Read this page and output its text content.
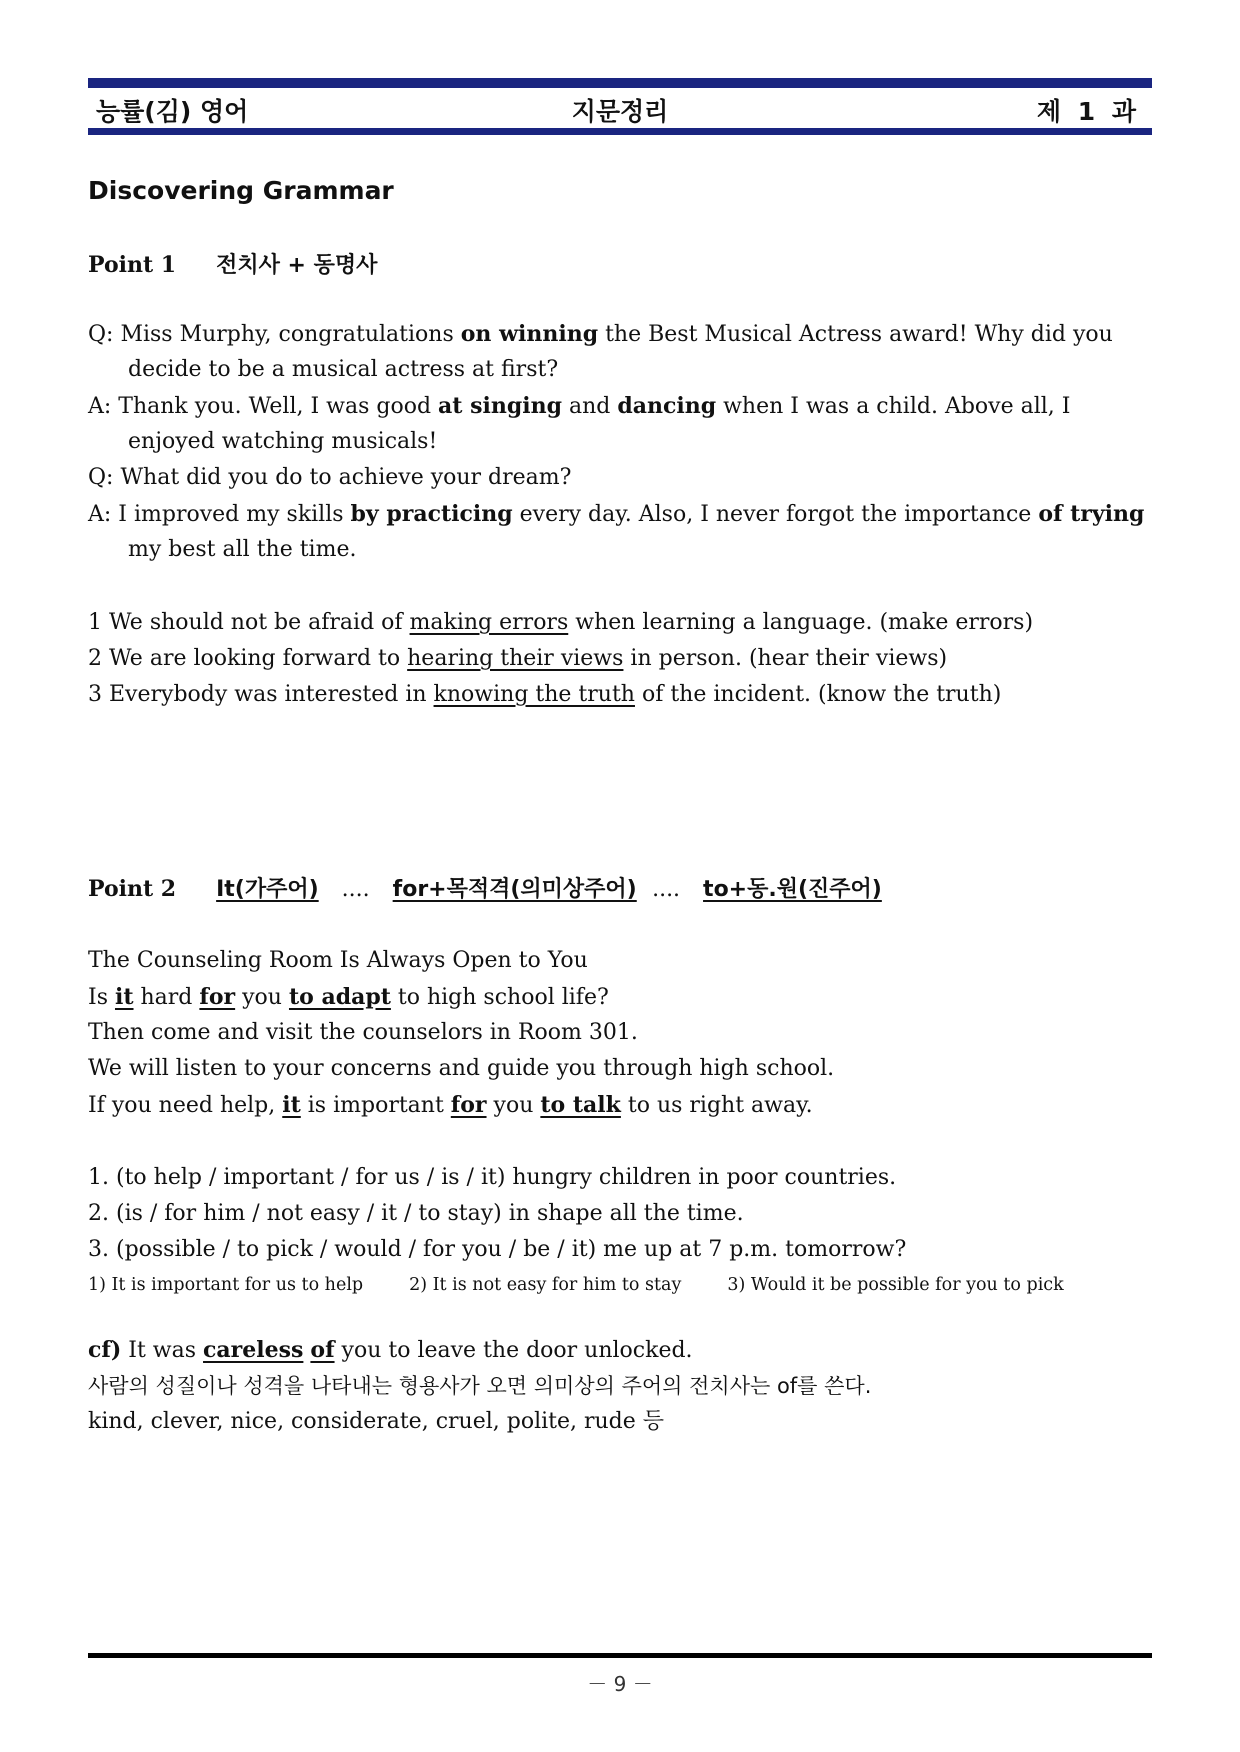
능률(김) 영어	지문정리	제 1 과
Discovering Grammar
Point 1 전치사 + 동명사
Q: Miss Murphy, congratulations on winning the Best Musical Actress award! Why did you
decide to be a musical actress at first?
A: Thank you. Well, I was good at singing and dancing when I was a child. Above all, I
enjoyed watching musicals!
Q: What did you do to achieve your dream?
A: I improved my skills by practicing every day. Also, I never forgot the importance of trying
my best all the time.
1 We should not be afraid of making errors when learning a language. (make errors)
2 We are looking forward to hearing their views in person. (hear their views)
3 Everybody was interested in knowing the truth of the incident. (know the truth)
Point 2 It(가주어) .... for+목적격(의미상주어) .... to+동.원(진주어)
The Counseling Room Is Always Open to You
Is it hard for you to adapt to high school life?
Then come and visit the counselors in Room 301.
We will listen to your concerns and guide you through high school.
If you need help, it is important for you to talk to us right away.
1. (to help / important / for us / is / it) hungry children in poor countries.
2. (is / for him / not easy / it / to stay) in shape all the time.
3. (possible / to pick / would / for you / be / it) me up at 7 p.m. tomorrow?
1) It is important for us to help	2) It is not easy for him to stay	3) Would it be possible for you to pick
cf) It was careless of you to leave the door unlocked.
사람의 성질이나 성격을 나타내는 형용사가 오면 의미상의 주어의 전치사는 of를 쓴다.
kind, clever, nice, considerate, cruel, polite, rude 등
－ 9 －
